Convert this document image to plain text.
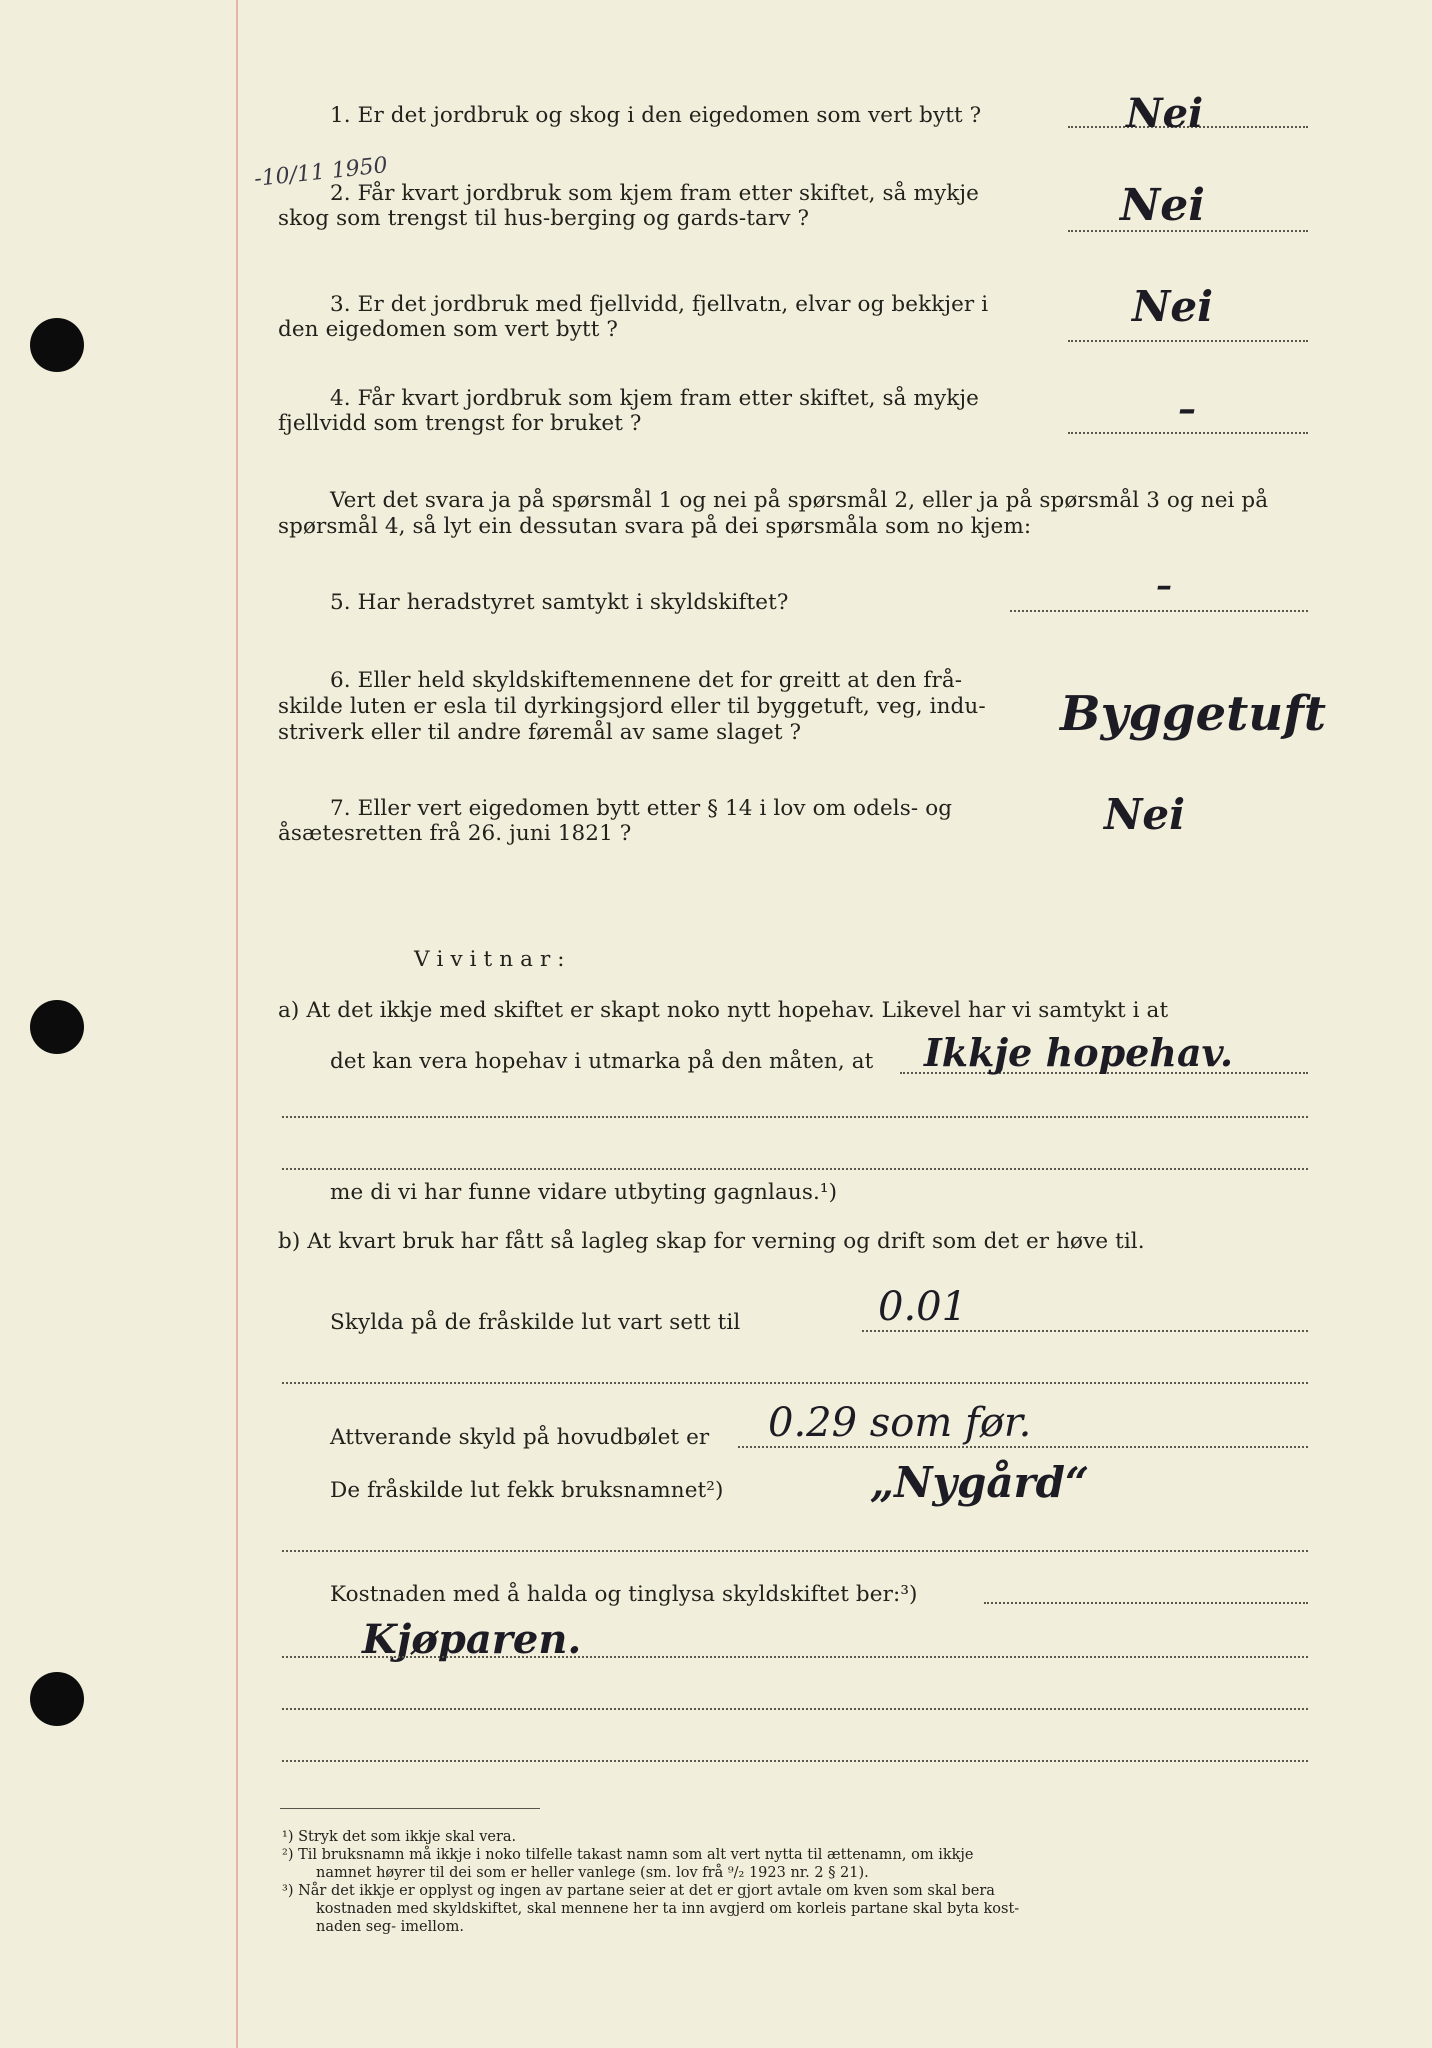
-10/11 1950
1. Er det jordbruk og skog i den eigedomen som vert bytt ?	Nei
2. Får kvart jordbruk som kjem fram etter skiftet, så mykje
skog som trengst til hus-berging og gards-tarv ?	Nei
3. Er det jordbruk med fjellvidd, fjellvatn, elvar og bekkjer i
den eigedomen som vert bytt ?	Nei
4. Får kvart jordbruk som kjem fram etter skiftet, så mykje
fjellvidd som trengst for bruket ?	–
Vert det svara ja på spørsmål 1 og nei på spørsmål 2, eller ja på spørsmål 3 og nei på
spørsmål 4, så lyt ein dessutan svara på dei spørsmåla som no kjem:
5. Har heradstyret samtykt i skyldskiftet?	–
6. Eller held skyldskiftemennene det for greitt at den frå-
skilde luten er esla til dyrkingsjord eller til byggetuft, veg, indu-
striverk eller til andre føremål av same slaget ?	Byggetuft
7. Eller vert eigedomen bytt etter § 14 i lov om odels- og
åsætesretten frå 26. juni 1821 ?	Nei
V i v i t n a r :
a) At det ikkje med skiftet er skapt noko nytt hopehav. Likevel har vi samtykt i at
det kan vera hopehav i utmarka på den måten, at Ikkje hopehav.
me di vi har funne vidare utbyting gagnlaus.¹)
b) At kvart bruk har fått så lagleg skap for verning og drift som det er høve til.
Skylda på de fråskilde lut vart sett til	0.01
Attverande skyld på hovudbølet er 0.29 som før.
De fråskilde lut fekk bruksnamnet²)	„Nygård“
Kostnaden med å halda og tinglysa skyldskiftet ber:³)
Kjøparen.
¹) Stryk det som ikkje skal vera.
²) Til bruksnamn må ikkje i noko tilfelle takast namn som alt vert nytta til ættenamn, om ikkje
namnet høyrer til dei som er heller vanlege (sm. lov frå ⁹/₂ 1923 nr. 2 § 21).
³) Når det ikkje er opplyst og ingen av partane seier at det er gjort avtale om kven som skal bera
kostnaden med skyldskiftet, skal mennene her ta inn avgjerd om korleis partane skal byta kost-
naden seg- imellom.
